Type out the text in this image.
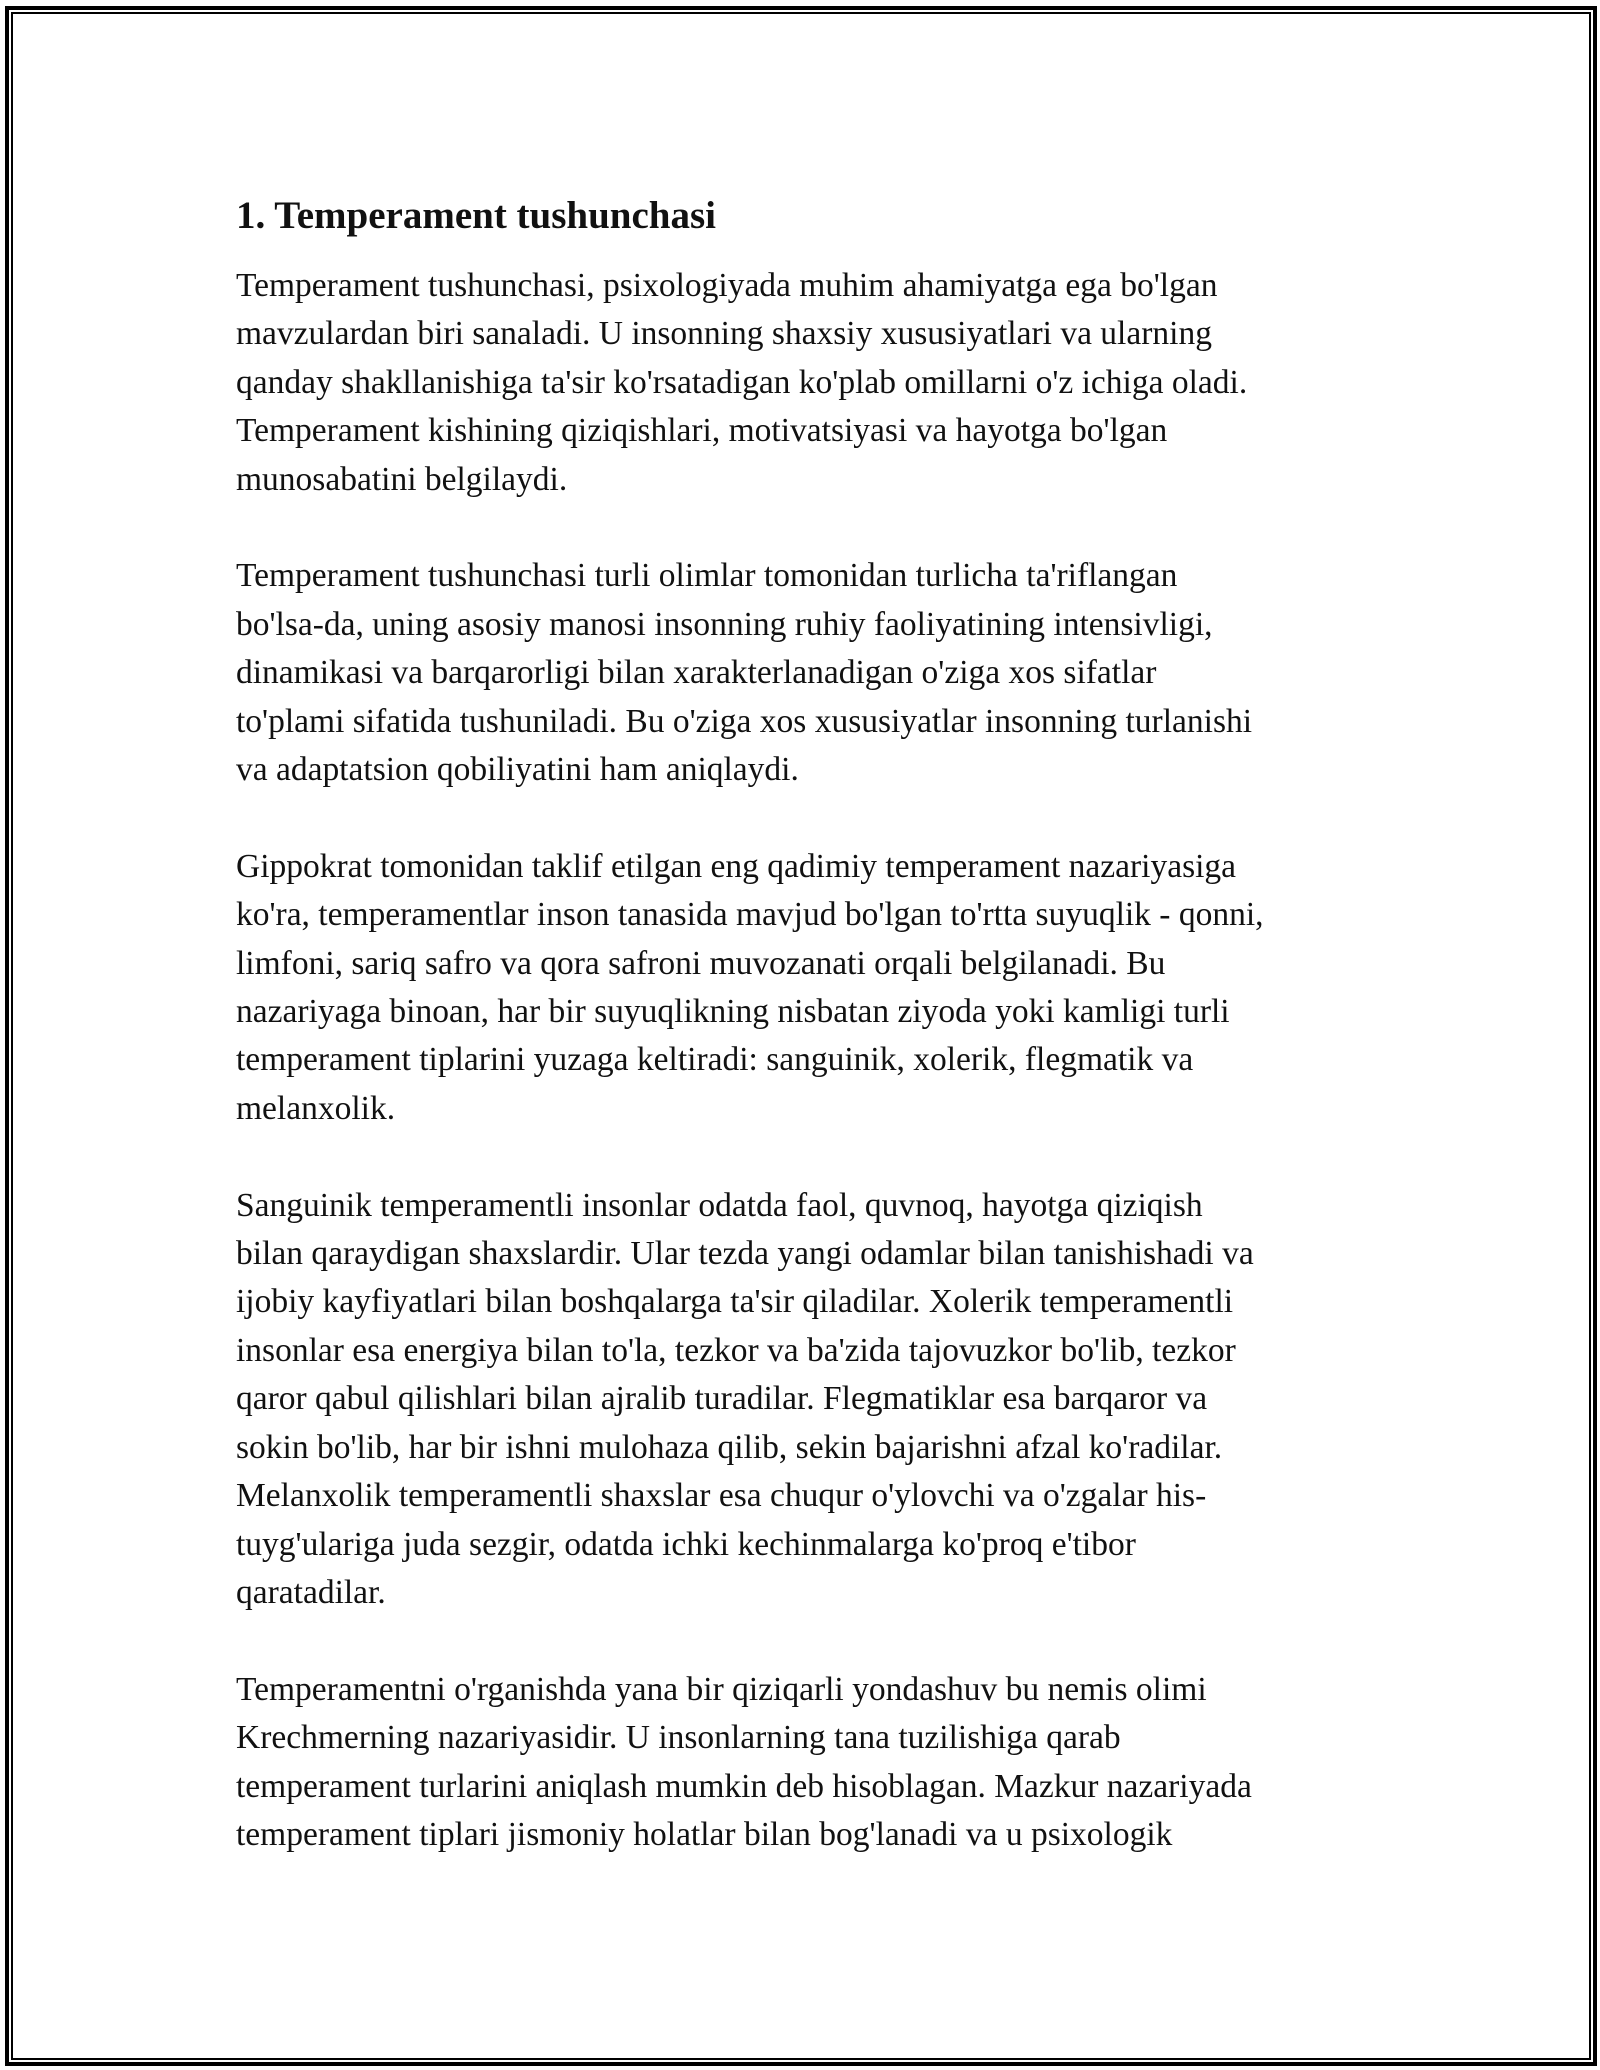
1. Temperament tushunchasi

Temperament tushunchasi, psixologiyada muhim ahamiyatga ega bo'lgan
mavzulardan biri sanaladi. U insonning shaxsiy xususiyatlari va ularning
qanday shakllanishiga ta'sir ko'rsatadigan ko'plab omillarni o'z ichiga oladi.
Temperament kishining qiziqishlari, motivatsiyasi va hayotga bo'lgan
munosabatini belgilaydi.

Temperament tushunchasi turli olimlar tomonidan turlicha ta'riflangan
bo'lsa-da, uning asosiy manosi insonning ruhiy faoliyatining intensivligi,
dinamikasi va barqarorligi bilan xarakterlanadigan o'ziga xos sifatlar
to'plami sifatida tushuniladi. Bu o'ziga xos xususiyatlar insonning turlanishi
va adaptatsion qobiliyatini ham aniqlaydi.

Gippokrat tomonidan taklif etilgan eng qadimiy temperament nazariyasiga
ko'ra, temperamentlar inson tanasida mavjud bo'lgan to'rtta suyuqlik - qonni,
limfoni, sariq safro va qora safroni muvozanati orqali belgilanadi. Bu
nazariyaga binoan, har bir suyuqlikning nisbatan ziyoda yoki kamligi turli
temperament tiplarini yuzaga keltiradi: sanguinik, xolerik, flegmatik va
melanxolik.

Sanguinik temperamentli insonlar odatda faol, quvnoq, hayotga qiziqish
bilan qaraydigan shaxslardir. Ular tezda yangi odamlar bilan tanishishadi va
ijobiy kayfiyatlari bilan boshqalarga ta'sir qiladilar. Xolerik temperamentli
insonlar esa energiya bilan to'la, tezkor va ba'zida tajovuzkor bo'lib, tezkor
qaror qabul qilishlari bilan ajralib turadilar. Flegmatiklar esa barqaror va
sokin bo'lib, har bir ishni mulohaza qilib, sekin bajarishni afzal ko'radilar.
Melanxolik temperamentli shaxslar esa chuqur o'ylovchi va o'zgalar his-
tuyg'ulariga juda sezgir, odatda ichki kechinmalarga ko'proq e'tibor
qaratadilar.

Temperamentni o'rganishda yana bir qiziqarli yondashuv bu nemis olimi
Krechmerning nazariyasidir. U insonlarning tana tuzilishiga qarab
temperament turlarini aniqlash mumkin deb hisoblagan. Mazkur nazariyada
temperament tiplari jismoniy holatlar bilan bog'lanadi va u psixologik
